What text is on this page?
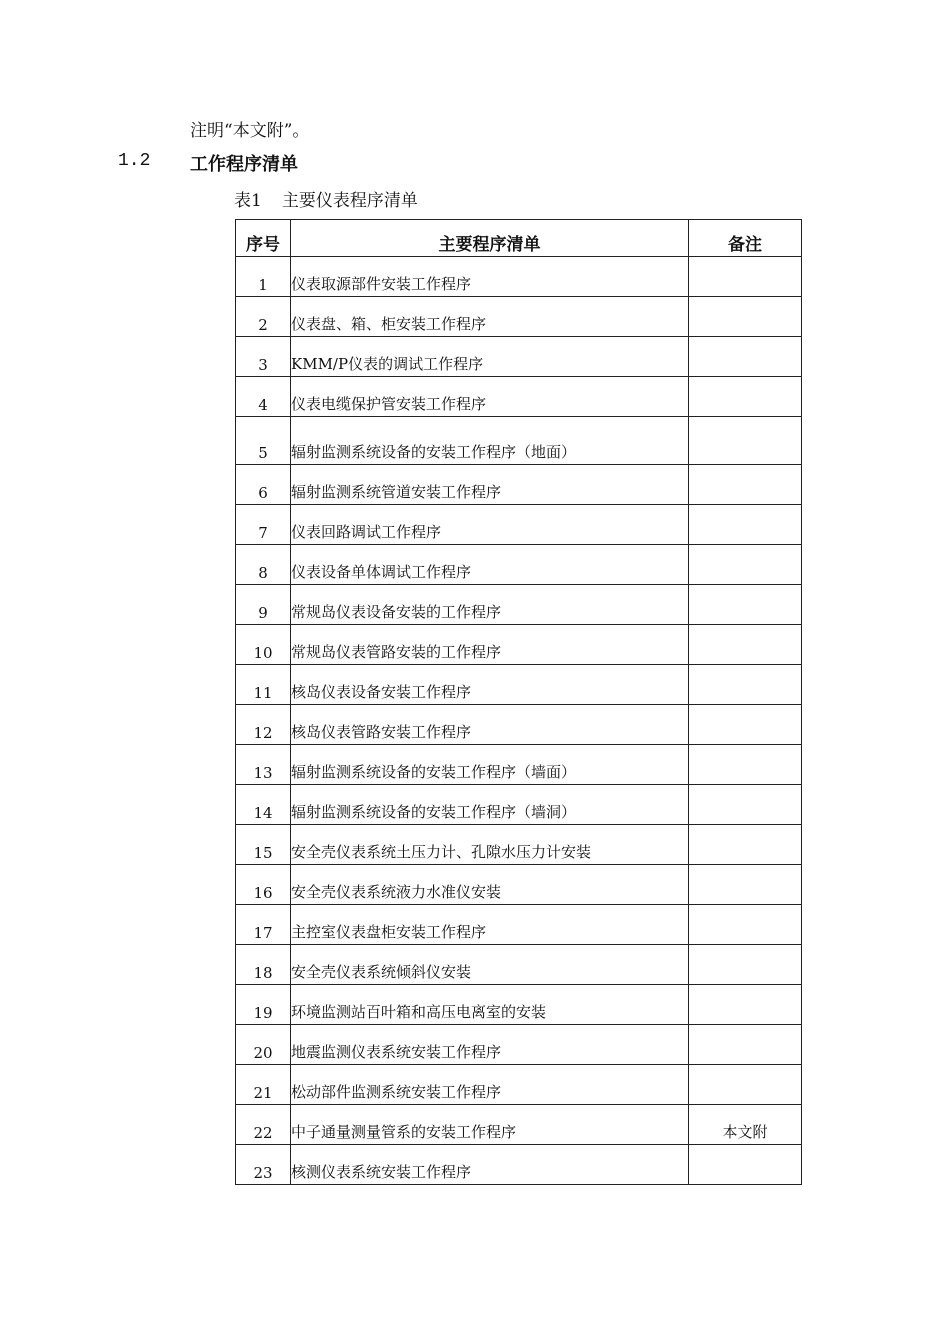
注明“本文附”。
1.2 工作程序清单
表1 主要仪表程序清单
序号	主要程序清单	备注
1	仪表取源部件安装工作程序	
2	仪表盘、箱、柜安装工作程序	
3	KMM/P仪表的调试工作程序	
4	仪表电缆保护管安装工作程序	
5	辐射监测系统设备的安装工作程序（地面）	
6	辐射监测系统管道安装工作程序	
7	仪表回路调试工作程序	
8	仪表设备单体调试工作程序	
9	常规岛仪表设备安装的工作程序	
10	常规岛仪表管路安装的工作程序	
11	核岛仪表设备安装工作程序	
12	核岛仪表管路安装工作程序	
13	辐射监测系统设备的安装工作程序（墙面）	
14	辐射监测系统设备的安装工作程序（墙洞）	
15	安全壳仪表系统土压力计、孔隙水压力计安装	
16	安全壳仪表系统液力水准仪安装	
17	主控室仪表盘柜安装工作程序	
18	安全壳仪表系统倾斜仪安装	
19	环境监测站百叶箱和高压电离室的安装	
20	地震监测仪表系统安装工作程序	
21	松动部件监测系统安装工作程序	
22	中子通量测量管系的安装工作程序	本文附
23	核测仪表系统安装工作程序	
